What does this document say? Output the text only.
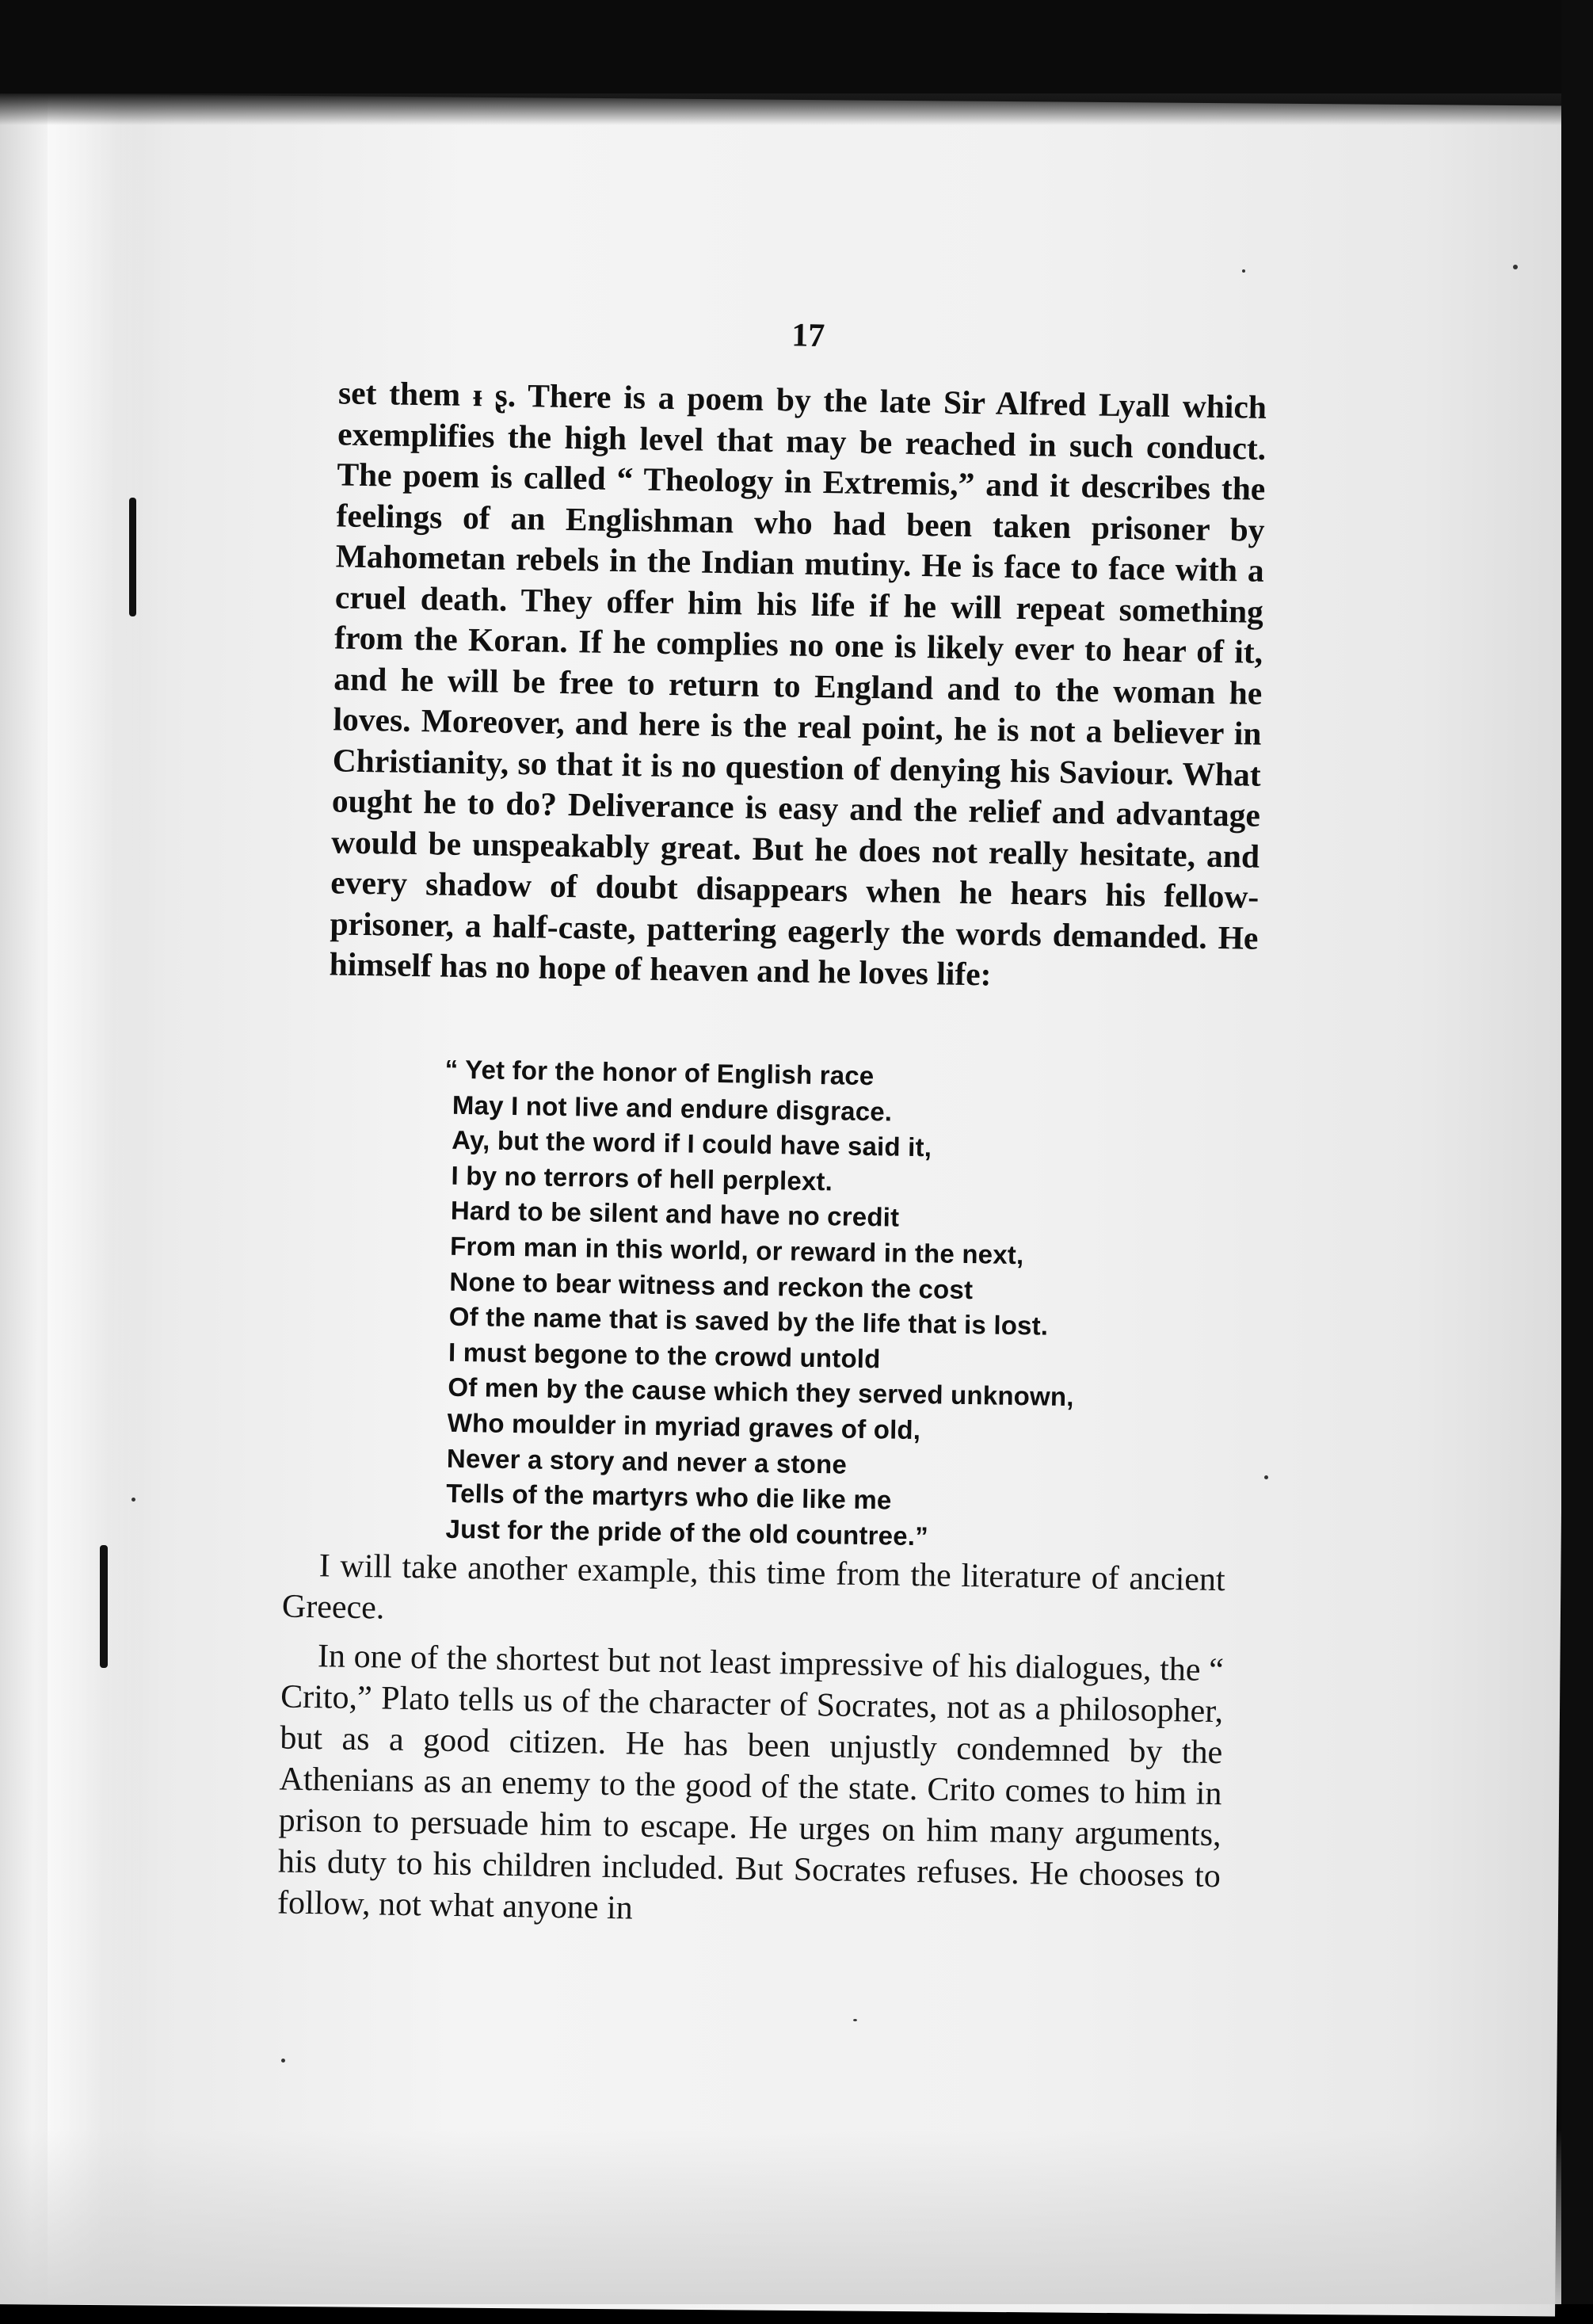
17

set them ᵻ ʂ. There is a poem by the late Sir Alfred Lyall which exemplifies the high level that may be reached in such conduct. The poem is called “ Theology in Extremis,” and it describes the feelings of an Englishman who had been taken prisoner by Mahometan rebels in the Indian mutiny. He is face to face with a cruel death. They offer him his life if he will repeat something from the Koran. If he complies no one is likely ever to hear of it, and he will be free to return to England and to the woman he loves. Moreover, and here is the real point, he is not a believer in Christianity, so that it is no question of denying his Saviour. What ought he to do? Deliverance is easy and the relief and advantage would be unspeakably great. But he does not really hesitate, and every shadow of doubt disappears when he hears his fellow-prisoner, a half-caste, pattering eagerly the words demanded. He himself has no hope of heaven and he loves life:

“ Yet for the honor of English race
May I not live and endure disgrace.
Ay, but the word if I could have said it,
I by no terrors of hell perplext.
Hard to be silent and have no credit
From man in this world, or reward in the next,
None to bear witness and reckon the cost
Of the name that is saved by the life that is lost.
I must begone to the crowd untold
Of men by the cause which they served unknown,
Who moulder in myriad graves of old,
Never a story and never a stone
Tells of the martyrs who die like me
Just for the pride of the old countree.”

I will take another example, this time from the literature of ancient Greece.

In one of the shortest but not least impressive of his dialogues, the “ Crito,” Plato tells us of the character of Socrates, not as a philosopher, but as a good citizen. He has been unjustly condemned by the Athenians as an enemy to the good of the state. Crito comes to him in prison to persuade him to escape. He urges on him many arguments, his duty to his children included. But Socrates refuses. He chooses to follow, not what anyone in
